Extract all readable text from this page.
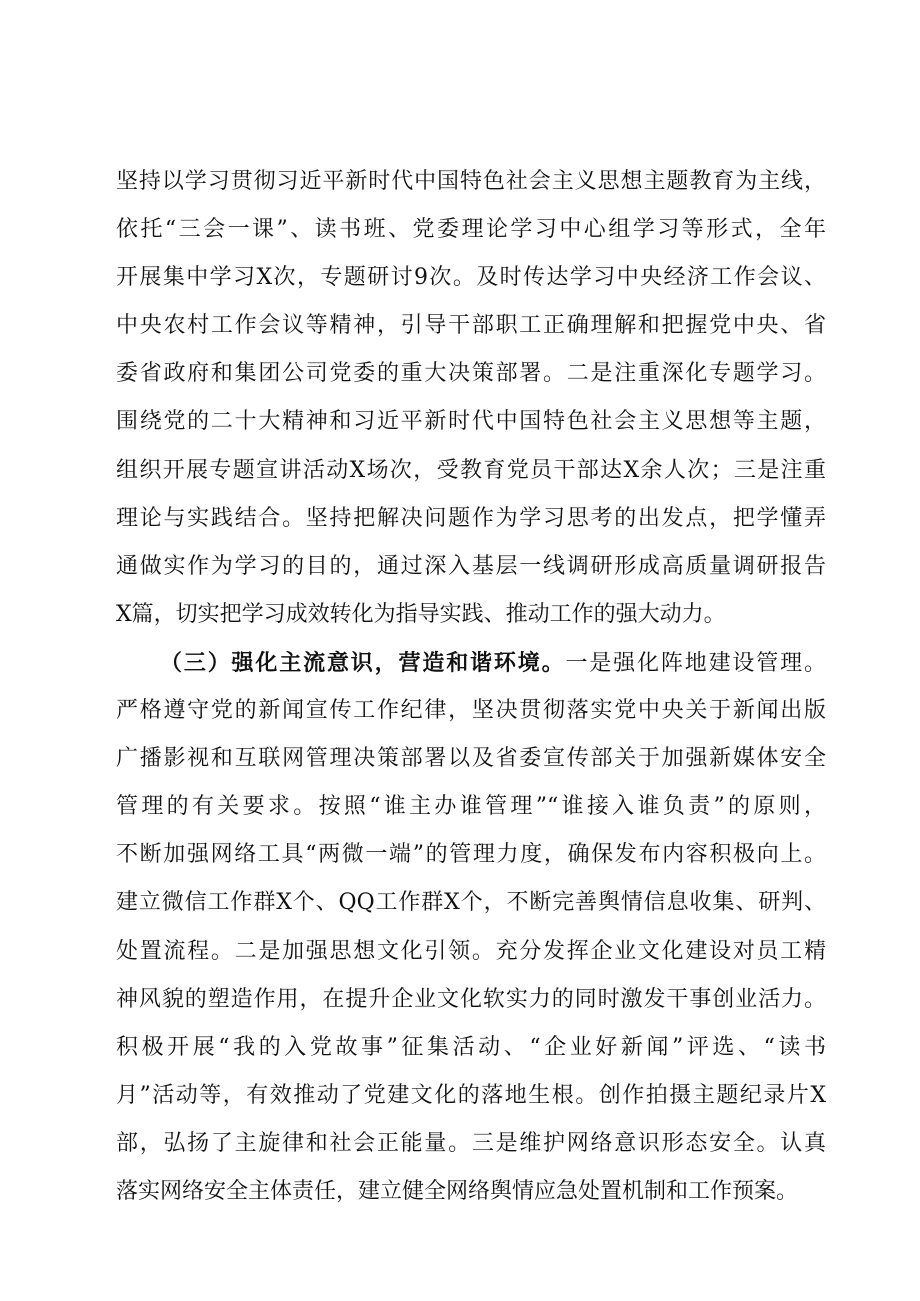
坚持以学习贯彻习近平新时代中国特色社会主义思想主题教育为主线，
依托“三会一课”、读书班、党委理论学习中心组学习等形式，全年
开展集中学习X次，专题研讨9次。及时传达学习中央经济工作会议、
中央农村工作会议等精神，引导干部职工正确理解和把握党中央、省
委省政府和集团公司党委的重大决策部署。二是注重深化专题学习。
围绕党的二十大精神和习近平新时代中国特色社会主义思想等主题，
组织开展专题宣讲活动X场次，受教育党员干部达X余人次；三是注重
理论与实践结合。坚持把解决问题作为学习思考的出发点，把学懂弄
通做实作为学习的目的，通过深入基层一线调研形成高质量调研报告
X篇，切实把学习成效转化为指导实践、推动工作的强大动力。
（三）强化主流意识，营造和谐环境。一是强化阵地建设管理。
严格遵守党的新闻宣传工作纪律，坚决贯彻落实党中央关于新闻出版
广播影视和互联网管理决策部署以及省委宣传部关于加强新媒体安全
管理的有关要求。按照“谁主办谁管理”“谁接入谁负责”的原则，
不断加强网络工具“两微一端”的管理力度，确保发布内容积极向上。
建立微信工作群X个、QQ工作群X个，不断完善舆情信息收集、研判、
处置流程。二是加强思想文化引领。充分发挥企业文化建设对员工精
神风貌的塑造作用，在提升企业文化软实力的同时激发干事创业活力。
积极开展“我的入党故事”征集活动、“企业好新闻”评选、“读书
月”活动等，有效推动了党建文化的落地生根。创作拍摄主题纪录片X
部，弘扬了主旋律和社会正能量。三是维护网络意识形态安全。认真
落实网络安全主体责任，建立健全网络舆情应急处置机制和工作预案。
